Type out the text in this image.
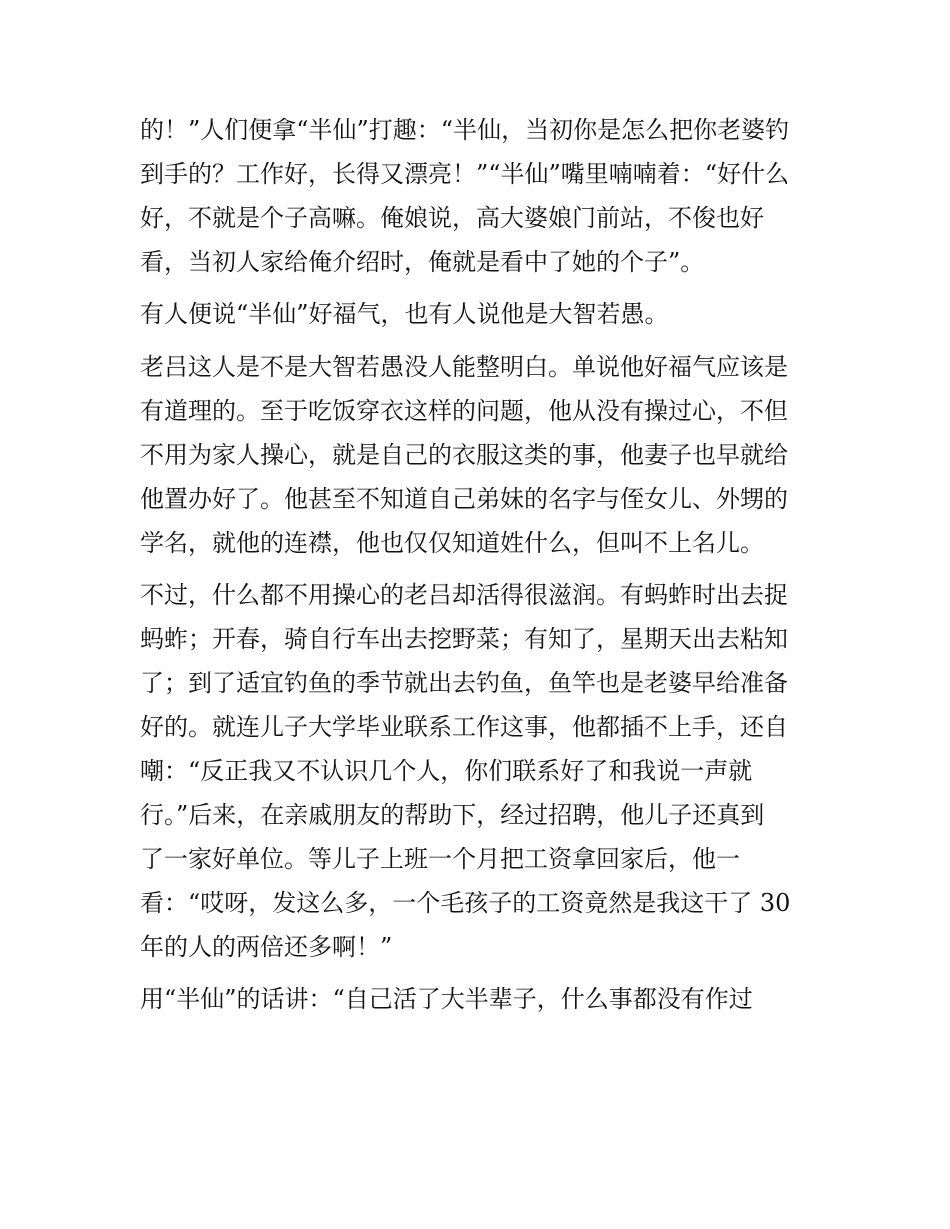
的！”人们便拿“半仙”打趣：“半仙，当初你是怎么把你老婆钓
到手的？工作好，长得又漂亮！”“半仙”嘴里喃喃着：“好什么
好，不就是个子高嘛。俺娘说，高大婆娘门前站，不俊也好
看，当初人家给俺介绍时，俺就是看中了她的个子”。
有人便说“半仙”好福气，也有人说他是大智若愚。
老吕这人是不是大智若愚没人能整明白。单说他好福气应该是
有道理的。至于吃饭穿衣这样的问题，他从没有操过心，不但
不用为家人操心，就是自己的衣服这类的事，他妻子也早就给
他置办好了。他甚至不知道自己弟妹的名字与侄女儿、外甥的
学名，就他的连襟，他也仅仅知道姓什么，但叫不上名儿。
不过，什么都不用操心的老吕却活得很滋润。有蚂蚱时出去捉
蚂蚱；开春，骑自行车出去挖野菜；有知了，星期天出去粘知
了；到了适宜钓鱼的季节就出去钓鱼，鱼竿也是老婆早给准备
好的。就连儿子大学毕业联系工作这事，他都插不上手，还自
嘲：“反正我又不认识几个人，你们联系好了和我说一声就
行。”后来，在亲戚朋友的帮助下，经过招聘，他儿子还真到
了一家好单位。等儿子上班一个月把工资拿回家后，他一
看：“哎呀，发这么多，一个毛孩子的工资竟然是我这干了 30
年的人的两倍还多啊！”
用“半仙”的话讲：“自己活了大半辈子，什么事都没有作过
